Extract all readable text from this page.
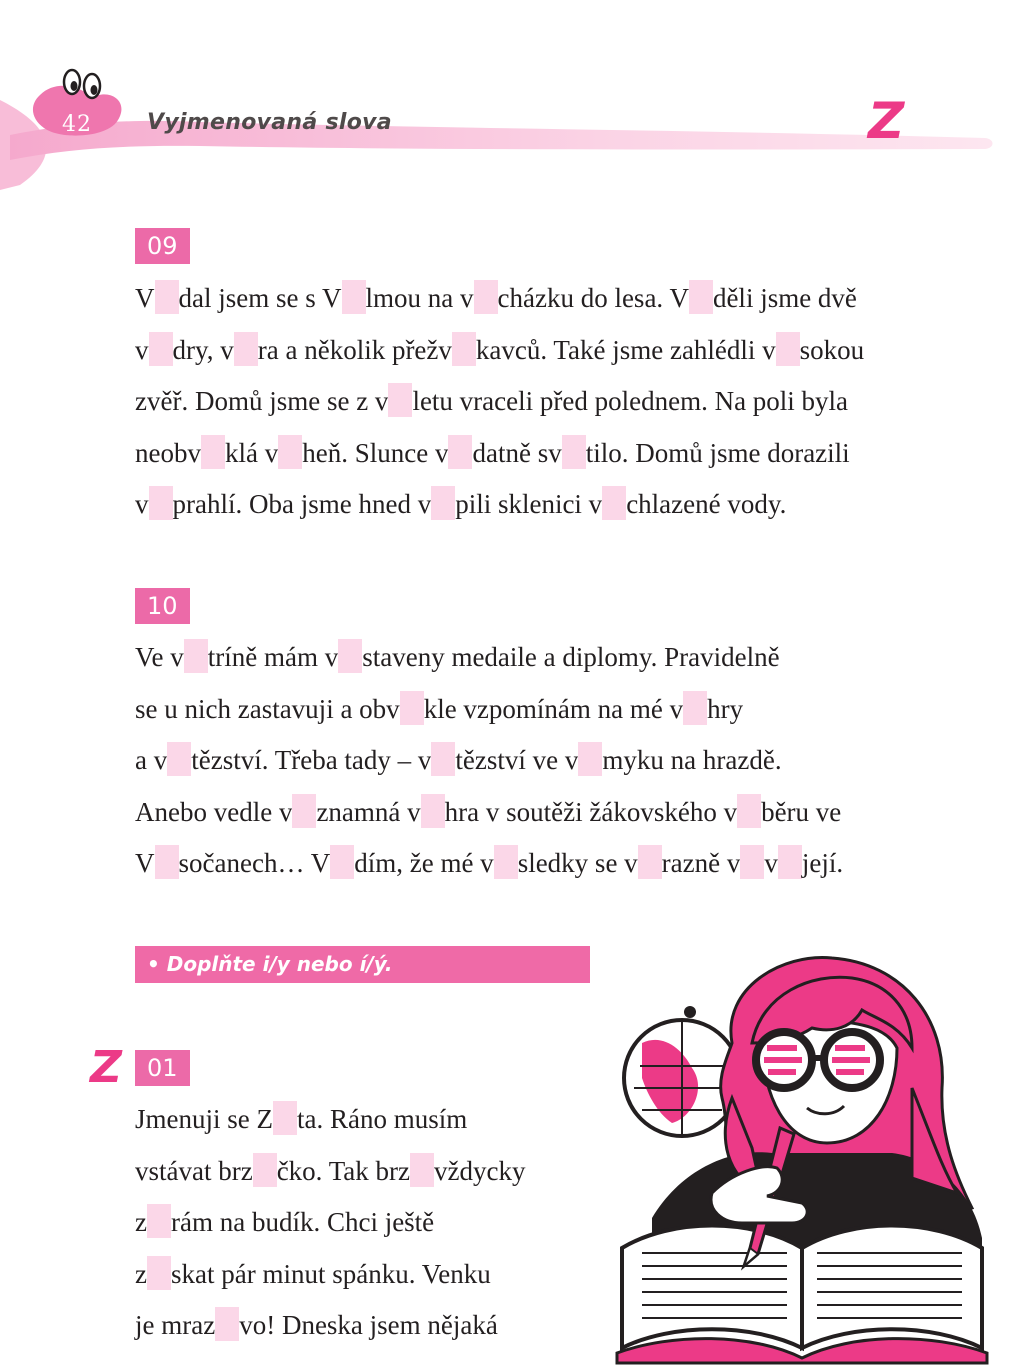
42	Vyjmenovaná slova	Z
09
V dal jsem se s V lmou na v cházku do lesa. V děli jsme dvě
v dry, v ra a několik přežv kavců. Také jsme zahlédli v sokou
zvěř. Domů jsme se z v letu vraceli před polednem. Na poli byla
neobv klá v heň. Slunce v datně sv tilo. Domů jsme dorazili
v prahlí. Oba jsme hned v pili sklenici v chlazené vody.
10
Ve v tríně mám v staveny medaile a diplomy. Pravidelně
se u nich zastavuji a obv kle vzpomínám na mé v hry
a v tězství. Třeba tady – v tězství ve v myku na hrazdě.
Anebo vedle v znamná v hra v soutěži žákovského v běru ve
V sočanech… V dím, že mé v sledky se v razně v v její.
• Doplňte i/y nebo í/ý.
Z	01
Jmenuji se Z ta. Ráno musím
vstávat brz čko. Tak brz vždycky
z rám na budík. Chci ještě
z skat pár minut spánku. Venku
je mraz vo! Dneska jsem nějaká
